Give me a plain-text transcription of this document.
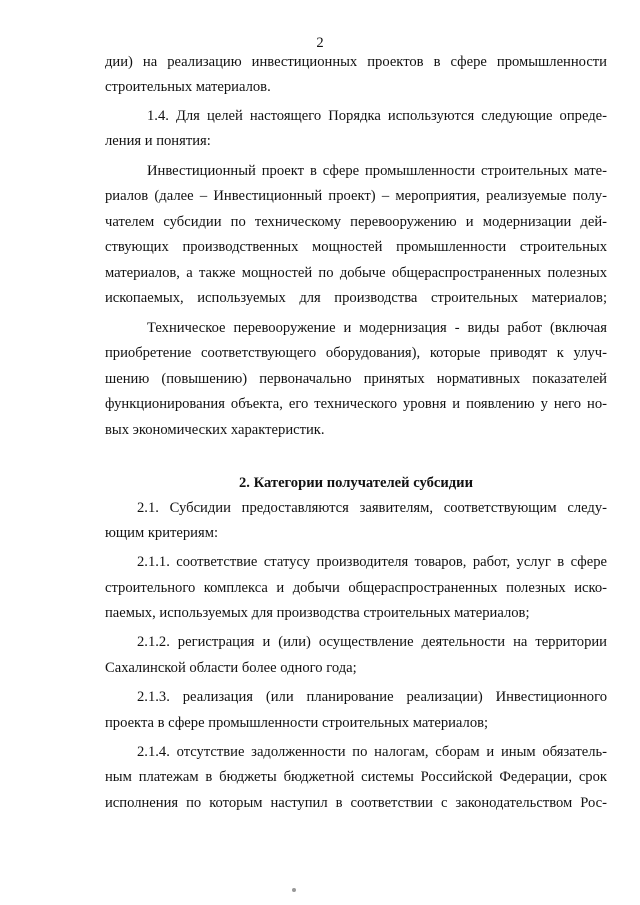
2
дии) на реализацию инвестиционных проектов в сфере промышленности
строительных материалов.
1.4. Для целей настоящего Порядка используются следующие опреде-
ления и понятия:
Инвестиционный проект в сфере промышленности строительных мате-
риалов (далее – Инвестиционный проект) – мероприятия, реализуемые полу-
чателем субсидии по техническому перевооружению и модернизации дей-
ствующих производственных мощностей промышленности строительных
материалов, а также мощностей по добыче общераспространенных полезных
ископаемых, используемых для производства строительных материалов;
Техническое перевооружение и модернизация - виды работ (включая
приобретение соответствующего оборудования), которые приводят к улуч-
шению (повышению) первоначально принятых нормативных показателей
функционирования объекта, его технического уровня и появлению у него но-
вых экономических характеристик.
2. Категории получателей субсидии
2.1. Субсидии предоставляются заявителям, соответствующим следу-
ющим критериям:
2.1.1. соответствие статусу производителя товаров, работ, услуг в сфере
строительного комплекса и добычи общераспространенных полезных иско-
паемых, используемых для производства строительных материалов;
2.1.2. регистрация и (или) осуществление деятельности на территории
Сахалинской области более одного года;
2.1.3. реализация (или планирование реализации) Инвестиционного
проекта в сфере промышленности строительных материалов;
2.1.4. отсутствие задолженности по налогам, сборам и иным обязатель-
ным платежам в бюджеты бюджетной системы Российской Федерации, срок
исполнения по которым наступил в соответствии с законодательством Рос-
